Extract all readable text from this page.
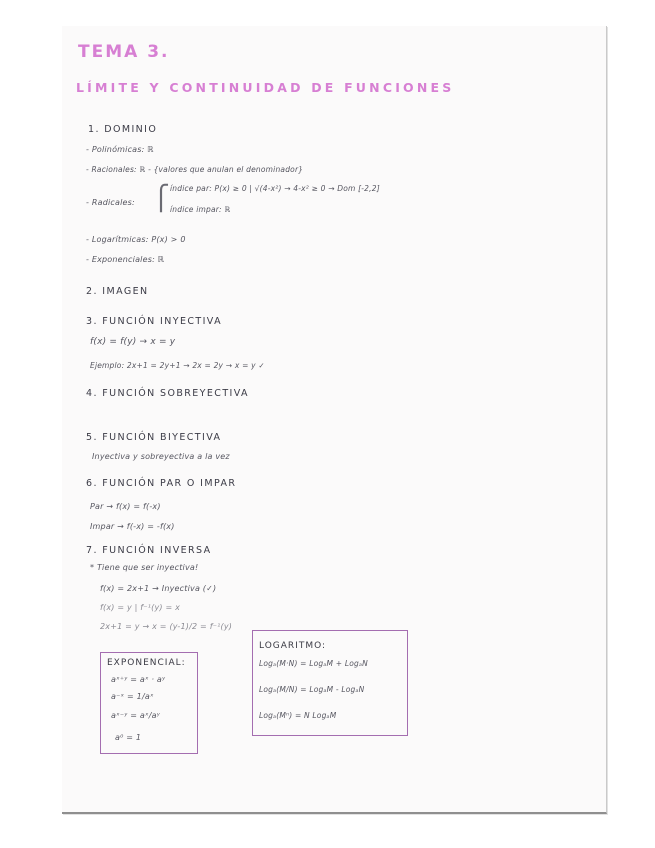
TEMA 3.
LÍMITE Y CONTINUIDAD DE FUNCIONES
1. DOMINIO
- Polinómicas: ℝ
- Racionales: ℝ - {valores que anulan el denominador}
- Radicales: ⎧ índice par: P(x) ≥ 0 | √(4-x²) → 4-x² ≥ 0 → Dom [-2,2]
índice impar: ℝ
- Logarítmicas: P(x) > 0
- Exponenciales: ℝ
2. IMAGEN
3. FUNCIÓN INYECTIVA
f(x) = f(y) → x = y
Ejemplo: 2x+1 = 2y+1 → 2x = 2y → x = y ✓
4. FUNCIÓN SOBREYECTIVA
5. FUNCIÓN BIYECTIVA
Inyectiva y sobreyectiva a la vez
6. FUNCIÓN PAR O IMPAR
Par → f(x) = f(-x)
Impar → f(-x) = -f(x)
7. FUNCIÓN INVERSA
* Tiene que ser inyectiva!
f(x) = 2x+1 → Inyectiva (✓)
f(x) = y | f⁻¹(y) = x
2x+1 = y → x = (y-1)/2 = f⁻¹(y)
EXPONENCIAL:
aˣ⁺ʸ = aˣ · aʸ
a⁻ˣ = 1/aˣ
aˣ⁻ʸ = aˣ/aʸ
a⁰ = 1
LOGARITMO:
Logₐ(M·N) = LogₐM + LogₐN
Logₐ(M/N) = LogₐM - LogₐN
Logₐ(Mⁿ) = N LogₐM
